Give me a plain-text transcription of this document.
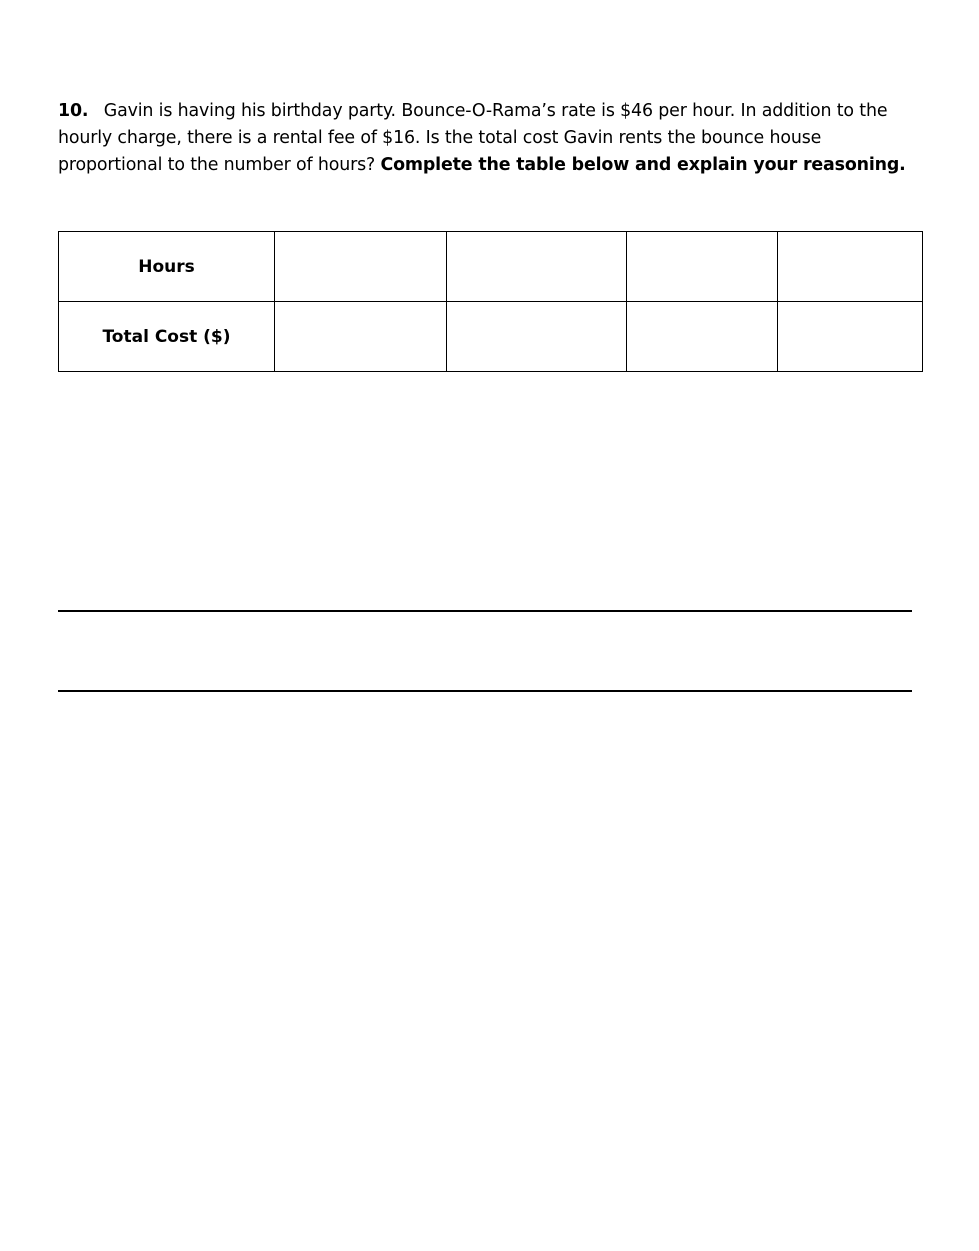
10. Gavin is having his birthday party. Bounce-O-Rama’s rate is $46 per hour. In addition to the hourly charge, there is a rental fee of $16. Is the total cost Gavin rents the bounce house proportional to the number of hours? Complete the table below and explain your reasoning.
Hours				
Total Cost ($)				
